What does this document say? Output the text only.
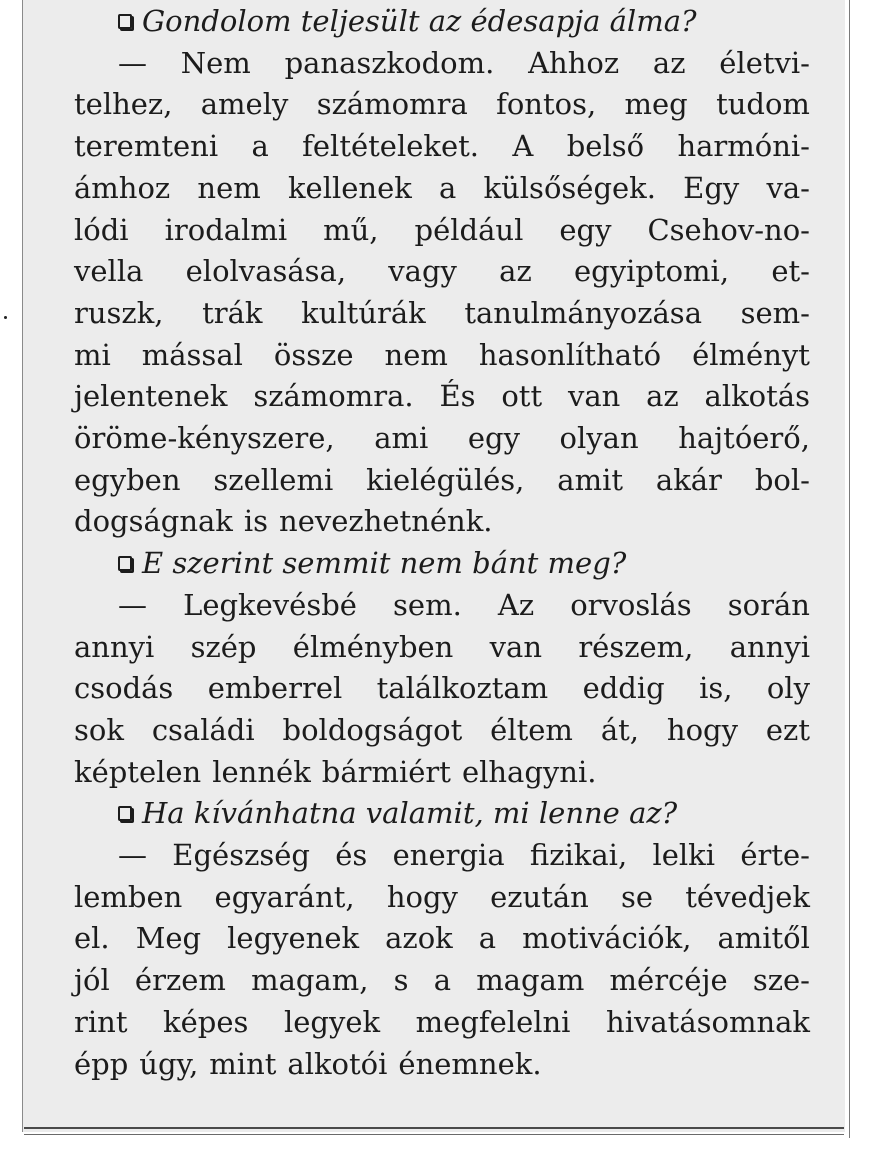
Gondolom teljesült az édesapja álma?
— Nem panaszkodom. Ahhoz az életvi-
telhez, amely számomra fontos, meg tudom
teremteni a feltételeket. A belső harmóni-
ámhoz nem kellenek a külsőségek. Egy va-
lódi irodalmi mű, például egy Csehov-no-
vella elolvasása, vagy az egyiptomi, et-
ruszk, trák kultúrák tanulmányozása sem-
mi mással össze nem hasonlítható élményt
jelentenek számomra. És ott van az alkotás
öröme-kényszere, ami egy olyan hajtóerő,
egyben szellemi kielégülés, amit akár bol-
dogságnak is nevezhetnénk.
E szerint semmit nem bánt meg?
— Legkevésbé sem. Az orvoslás során
annyi szép élményben van részem, annyi
csodás emberrel találkoztam eddig is, oly
sok családi boldogságot éltem át, hogy ezt
képtelen lennék bármiért elhagyni.
Ha kívánhatna valamit, mi lenne az?
— Egészség és energia fizikai, lelki érte-
lemben egyaránt, hogy ezután se tévedjek
el. Meg legyenek azok a motivációk, amitől
jól érzem magam, s a magam mércéje sze-
rint képes legyek megfelelni hivatásomnak
épp úgy, mint alkotói énemnek.
